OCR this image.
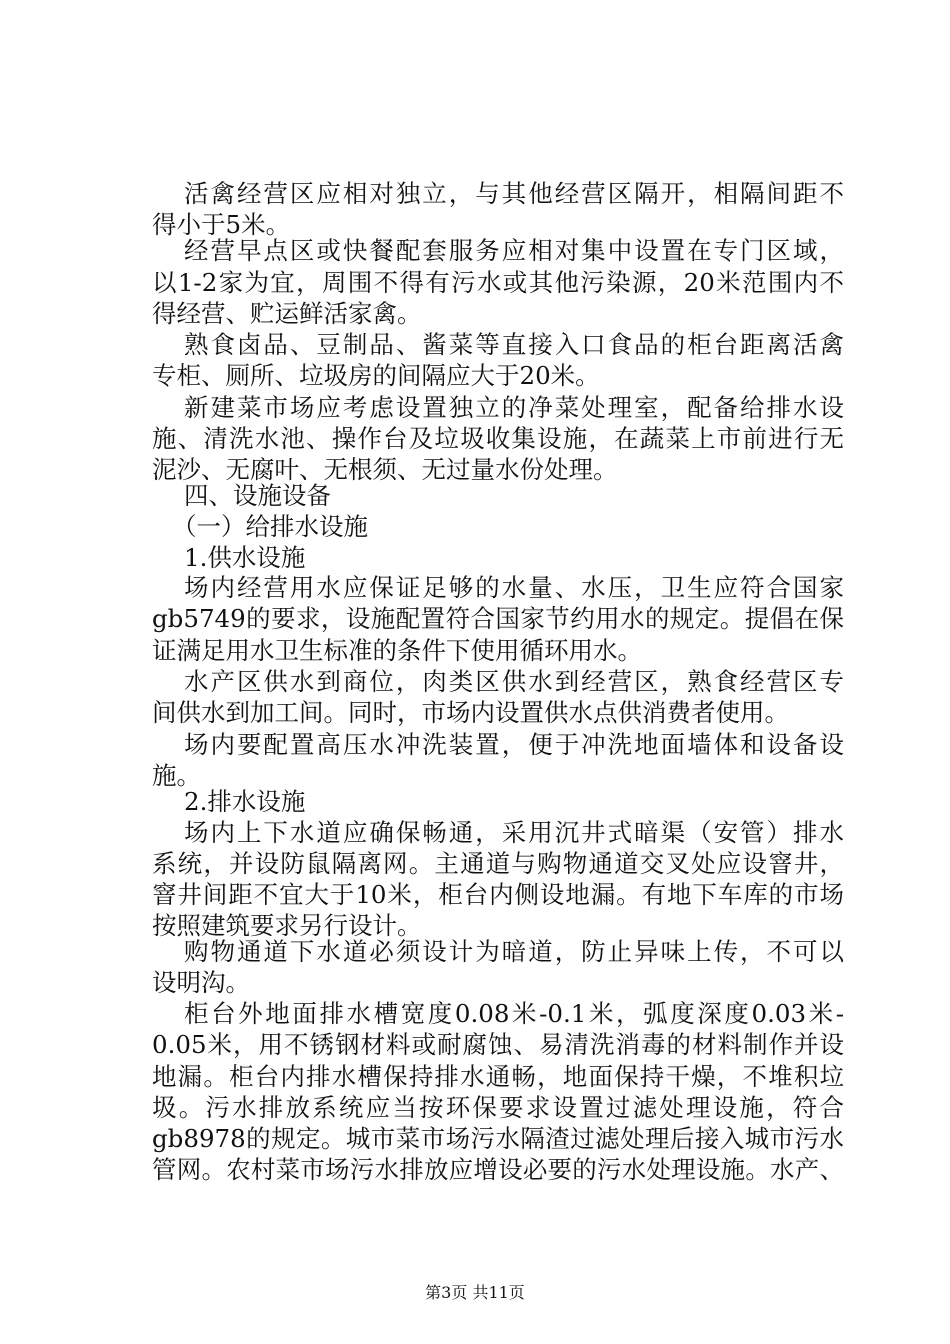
活禽经营区应相对独立，与其他经营区隔开，相隔间距不
得小于5米。
经营早点区或快餐配套服务应相对集中设置在专门区域，
以1-2家为宜，周围不得有污水或其他污染源，20米范围内不
得经营、贮运鲜活家禽。
熟食卤品、豆制品、酱菜等直接入口食品的柜台距离活禽
专柜、厕所、垃圾房的间隔应大于20米。
新建菜市场应考虑设置独立的净菜处理室，配备给排水设
施、清洗水池、操作台及垃圾收集设施，在蔬菜上市前进行无
泥沙、无腐叶、无根须、无过量水份处理。
四、设施设备
（一）给排水设施
1.供水设施
场内经营用水应保证足够的水量、水压，卫生应符合国家
gb5749的要求，设施配置符合国家节约用水的规定。提倡在保
证满足用水卫生标准的条件下使用循环用水。
水产区供水到商位，肉类区供水到经营区，熟食经营区专
间供水到加工间。同时，市场内设置供水点供消费者使用。
场内要配置高压水冲洗装置，便于冲洗地面墙体和设备设
施。
2.排水设施
场内上下水道应确保畅通，采用沉井式暗渠（安管）排水
系统，并设防鼠隔离网。主通道与购物通道交叉处应设窨井，
窨井间距不宜大于10米，柜台内侧设地漏。有地下车库的市场
按照建筑要求另行设计。
购物通道下水道必须设计为暗道，防止异味上传，不可以
设明沟。
柜台外地面排水槽宽度0.08米-0.1米，弧度深度0.03米-
0.05米，用不锈钢材料或耐腐蚀、易清洗消毒的材料制作并设
地漏。柜台内排水槽保持排水通畅，地面保持干燥，不堆积垃
圾。污水排放系统应当按环保要求设置过滤处理设施，符合
gb8978的规定。城市菜市场污水隔渣过滤处理后接入城市污水
管网。农村菜市场污水排放应增设必要的污水处理设施。水产、
第3页 共11页
